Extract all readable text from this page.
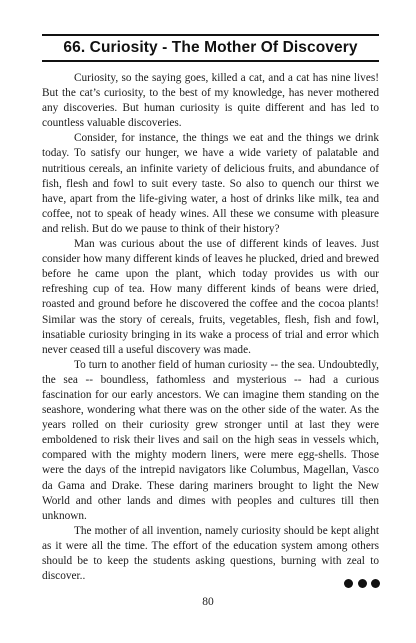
66. Curiosity - The Mother Of Discovery

Curiosity, so the saying goes, killed a cat, and a cat has nine lives! But the cat’s curiosity, to the best of my knowledge, has never mothered any discoveries. But human curiosity is quite different and has led to countless valuable discoveries.

Consider, for instance, the things we eat and the things we drink today. To satisfy our hunger, we have a wide variety of palatable and nutritious cereals, an infinite variety of delicious fruits, and abundance of fish, flesh and fowl to suit every taste. So also to quench our thirst we have, apart from the life-giving water, a host of drinks like milk, tea and coffee, not to speak of heady wines. All these we consume with pleasure and relish. But do we pause to think of their history?

Man was curious about the use of different kinds of leaves. Just consider how many different kinds of leaves he plucked, dried and brewed before he came upon the plant, which today provides us with our refreshing cup of tea. How many different kinds of beans were dried, roasted and ground before he discovered the coffee and the cocoa plants! Similar was the story of cereals, fruits, vegetables, flesh, fish and fowl, insatiable curiosity bringing in its wake a process of trial and error which never ceased till a useful discovery was made.

To turn to another field of human curiosity -- the sea. Undoubtedly, the sea -- boundless, fathomless and mysterious -- had a curious fascination for our early ancestors. We can imagine them standing on the seashore, wondering what there was on the other side of the water. As the years rolled on their curiosity grew stronger until at last they were emboldened to risk their lives and sail on the high seas in vessels which, compared with the mighty modern liners, were mere egg-shells. Those were the days of the intrepid navigators like Columbus, Magellan, Vasco da Gama and Drake. These daring mariners brought to light the New World and other lands and dimes with peoples and cultures till then unknown.

The mother of all invention, namely curiosity should be kept alight as it were all the time. The effort of the education system among others should be to keep the students asking questions, burning with zeal to discover..

80
